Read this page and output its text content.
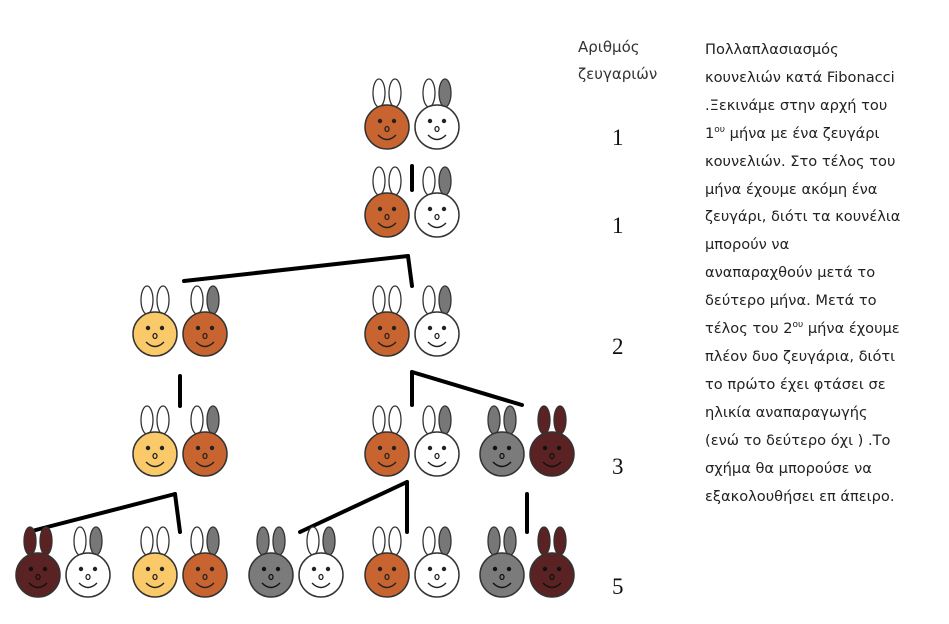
Αριθμός
ζευγαριών
1
1
2
3
5
Πολλαπλασιασμός
κουνελιών κατά Fibonacci
.Ξεκινάμε στην αρχή του
$1^{o\upsilon}$ μήνα με ένα ζευγάρι
κουνελιών. Στο τέλος του
μήνα έχουμε ακόμη ένα
ζευγάρι, διότι τα κουνέλια
μπορούν να
αναπαραχθούν μετά το
δεύτερο μήνα. Μετά το
τέλος του $2^{o\upsilon}$ μήνα έχουμε
πλέον δυο ζευγάρια, διότι
το πρώτο έχει φτάσει σε
ηλικία αναπαραγωγής
(ενώ το δεύτερο όχι ) .Το
σχήμα θα μπορούσε να
εξακολουθήσει επ άπειρο.
